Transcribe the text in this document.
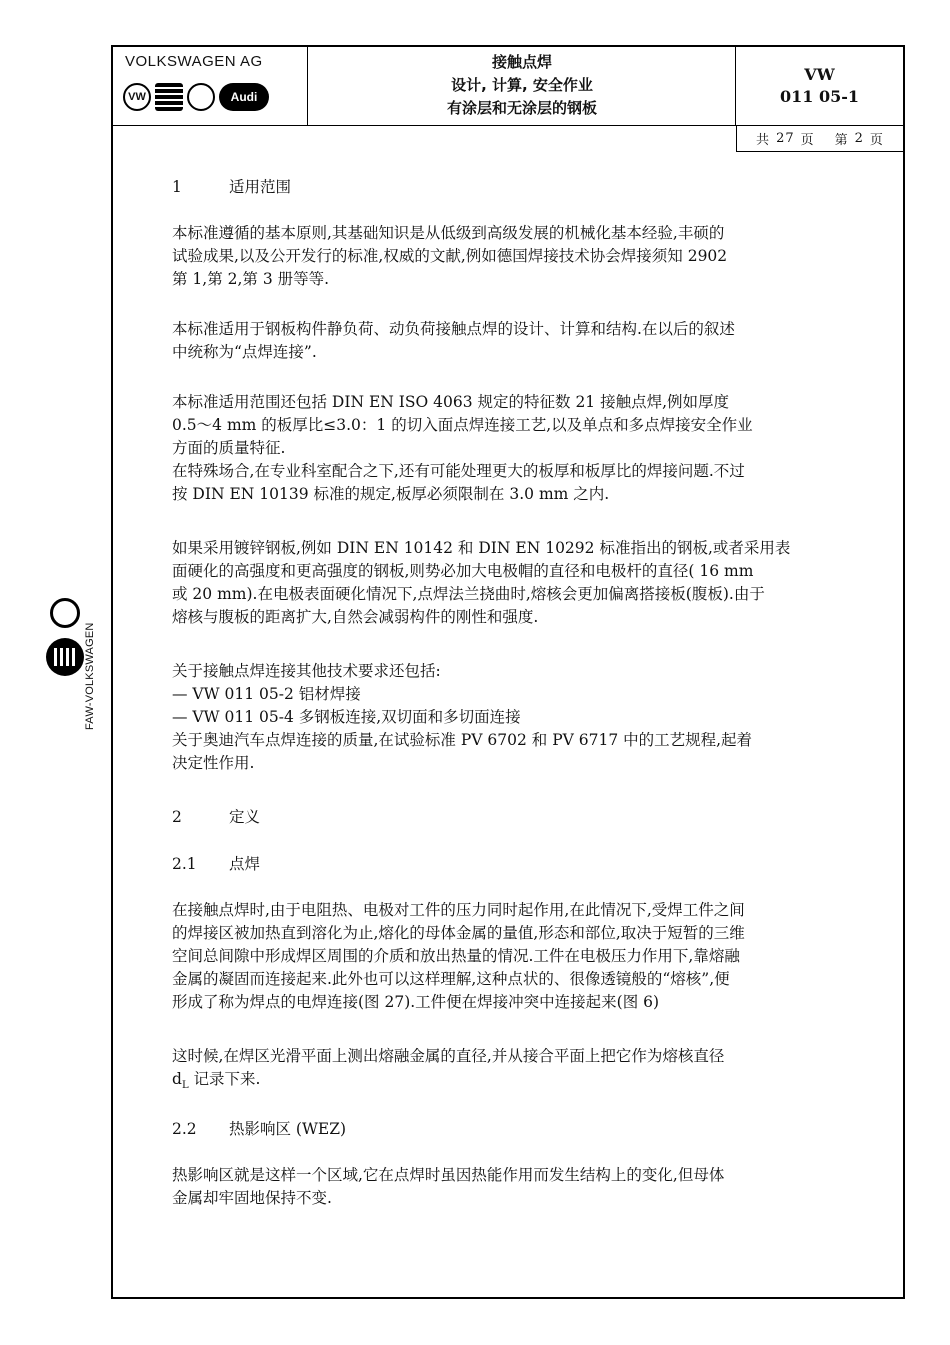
VOLKSWAGEN AG
VW	Audi
接触点焊
设计, 计算, 安全作业
有涂层和无涂层的钢板
VW
011 05-1
共 27 页 第 2 页
FAW-VOLKSWAGEN
1	适用范围
本标准遵循的基本原则,其基础知识是从低级到高级发展的机械化基本经验,丰硕的
试验成果,以及公开发行的标准,权威的文献,例如德国焊接技术协会焊接须知 2902
第 1,第 2,第 3 册等等.
本标准适用于钢板构件静负荷、动负荷接触点焊的设计、计算和结构.在以后的叙述
中统称为“点焊连接”.
本标准适用范围还包括 DIN EN ISO 4063 规定的特征数 21 接触点焊,例如厚度
0.5～4 mm 的板厚比≤3.0：1 的切入面点焊连接工艺,以及单点和多点焊接安全作业
方面的质量特征.
在特殊场合,在专业科室配合之下,还有可能处理更大的板厚和板厚比的焊接问题.不过
按 DIN EN 10139 标准的规定,板厚必须限制在 3.0 mm 之内.
如果采用镀锌钢板,例如 DIN EN 10142 和 DIN EN 10292 标准指出的钢板,或者采用表
面硬化的高强度和更高强度的钢板,则势必加大电极帽的直径和电极杆的直径( 16 mm
或 20 mm).在电极表面硬化情况下,点焊法兰挠曲时,熔核会更加偏离搭接板(腹板).由于
熔核与腹板的距离扩大,自然会减弱构件的刚性和强度.
关于接触点焊连接其他技术要求还包括:
— VW 011 05-2 铝材焊接
— VW 011 05-4 多钢板连接,双切面和多切面连接
关于奥迪汽车点焊连接的质量,在试验标准 PV 6702 和 PV 6717 中的工艺规程,起着
决定性作用.
2	定义
2.1 点焊
在接触点焊时,由于电阻热、电极对工件的压力同时起作用,在此情况下,受焊工件之间
的焊接区被加热直到溶化为止,熔化的母体金属的量值,形态和部位,取决于短暂的三维
空间总间隙中形成焊区周围的介质和放出热量的情况.工件在电极压力作用下,靠熔融
金属的凝固而连接起来.此外也可以这样理解,这种点状的、很像透镜般的“熔核”,便
形成了称为焊点的电焊连接(图 27).工件便在焊接冲突中连接起来(图 6)
这时候,在焊区光滑平面上测出熔融金属的直径,并从接合平面上把它作为熔核直径
$d_L$ 记录下来.
2.2 热影响区 (WEZ)
热影响区就是这样一个区域,它在点焊时虽因热能作用而发生结构上的变化,但母体
金属却牢固地保持不变.
